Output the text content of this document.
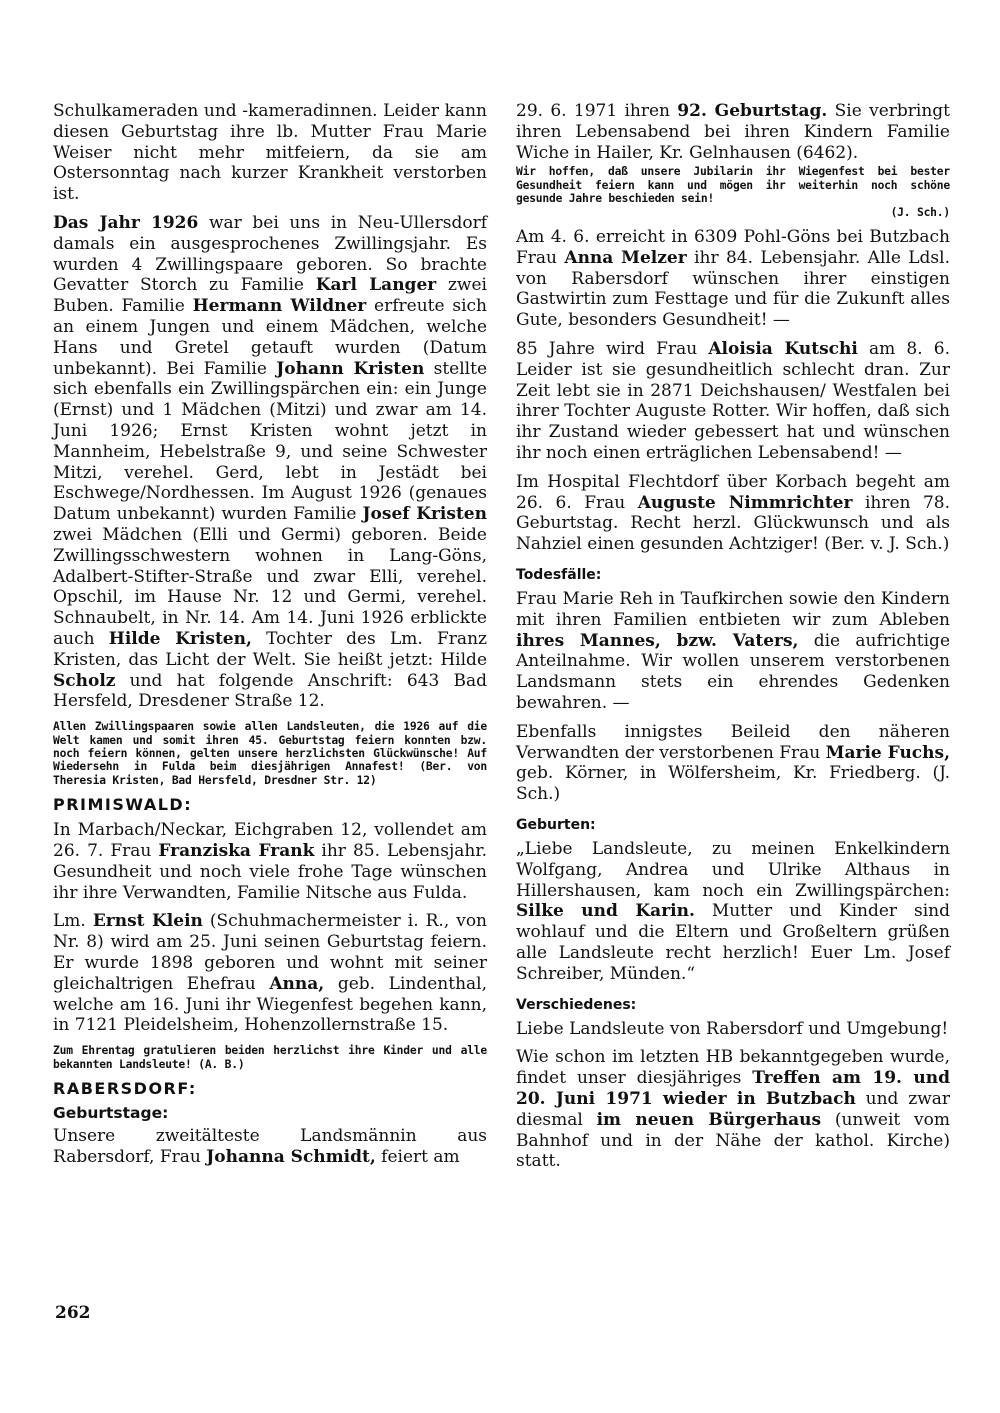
Schulkameraden und -kameradinnen. Leider kann diesen Geburtstag ihre lb. Mutter Frau Marie Weiser nicht mehr mitfeiern, da sie am Ostersonntag nach kurzer Krankheit verstorben ist.

Das Jahr 1926 war bei uns in Neu-Ullersdorf damals ein ausgesprochenes Zwillingsjahr. Es wurden 4 Zwillingspaare geboren. So brachte Gevatter Storch zu Familie Karl Langer zwei Buben. Familie Hermann Wildner erfreute sich an einem Jungen und einem Mädchen, welche Hans und Gretel getauft wurden (Datum unbekannt). Bei Familie Johann Kristen stellte sich ebenfalls ein Zwillingspärchen ein: ein Junge (Ernst) und 1 Mädchen (Mitzi) und zwar am 14. Juni 1926; Ernst Kristen wohnt jetzt in Mannheim, Hebelstraße 9, und seine Schwester Mitzi, verehel. Gerd, lebt in Jestädt bei Eschwege/Nordhessen. Im August 1926 (genaues Datum unbekannt) wurden Familie Josef Kristen zwei Mädchen (Elli und Germi) geboren. Beide Zwillingsschwestern wohnen in Lang-Göns, Adalbert-Stifter-Straße und zwar Elli, verehel. Opschil, im Hause Nr. 12 und Germi, verehel. Schnaubelt, in Nr. 14. Am 14. Juni 1926 erblickte auch Hilde Kristen, Tochter des Lm. Franz Kristen, das Licht der Welt. Sie heißt jetzt: Hilde Scholz und hat folgende Anschrift: 643 Bad Hersfeld, Dresdener Straße 12.

Allen Zwillingspaaren sowie allen Landsleuten, die 1926 auf die Welt kamen und somit ihren 45. Geburtstag feiern konnten bzw. noch feiern können, gelten unsere herzlichsten Glückwünsche! Auf Wiedersehn in Fulda beim diesjährigen Annafest! (Ber. von Theresia Kristen, Bad Hersfeld, Dresdner Str. 12)

PRIMISWALD:

In Marbach/Neckar, Eichgraben 12, vollendet am 26. 7. Frau Franziska Frank ihr 85. Lebensjahr. Gesundheit und noch viele frohe Tage wünschen ihr ihre Verwandten, Familie Nitsche aus Fulda.

Lm. Ernst Klein (Schuhmachermeister i. R., von Nr. 8) wird am 25. Juni seinen Geburtstag feiern. Er wurde 1898 geboren und wohnt mit seiner gleichaltrigen Ehefrau Anna, geb. Lindenthal, welche am 16. Juni ihr Wiegenfest begehen kann, in 7121 Pleidelsheim, Hohenzollernstraße 15.

Zum Ehrentag gratulieren beiden herzlichst ihre Kinder und alle bekannten Landsleute! (A. B.)

RABERSDORF:
Geburtstage:

Unsere zweitälteste Landsmännin aus Rabersdorf, Frau Johanna Schmidt, feiert am

29. 6. 1971 ihren 92. Geburtstag. Sie verbringt ihren Lebensabend bei ihren Kindern Familie Wiche in Hailer, Kr. Gelnhausen (6462).

Wir hoffen, daß unsere Jubilarin ihr Wiegenfest bei bester Gesundheit feiern kann und mögen ihr weiterhin noch schöne gesunde Jahre beschieden sein!

(J. Sch.)

Am 4. 6. erreicht in 6309 Pohl-Göns bei Butzbach Frau Anna Melzer ihr 84. Lebensjahr. Alle Ldsl. von Rabersdorf wünschen ihrer einstigen Gastwirtin zum Festtage und für die Zukunft alles Gute, besonders Gesundheit! —

85 Jahre wird Frau Aloisia Kutschi am 8. 6. Leider ist sie gesundheitlich schlecht dran. Zur Zeit lebt sie in 2871 Deichshausen/ Westfalen bei ihrer Tochter Auguste Rotter. Wir hoffen, daß sich ihr Zustand wieder gebessert hat und wünschen ihr noch einen erträglichen Lebensabend! —

Im Hospital Flechtdorf über Korbach begeht am 26. 6. Frau Auguste Nimmrichter ihren 78. Geburtstag. Recht herzl. Glückwunsch und als Nahziel einen gesunden Achtziger! (Ber. v. J. Sch.)

Todesfälle:

Frau Marie Reh in Taufkirchen sowie den Kindern mit ihren Familien entbieten wir zum Ableben ihres Mannes, bzw. Vaters, die aufrichtige Anteilnahme. Wir wollen unserem verstorbenen Landsmann stets ein ehrendes Gedenken bewahren. —

Ebenfalls innigstes Beileid den näheren Verwandten der verstorbenen Frau Marie Fuchs, geb. Körner, in Wölfersheim, Kr. Friedberg. (J. Sch.)

Geburten:

„Liebe Landsleute, zu meinen Enkelkindern Wolfgang, Andrea und Ulrike Althaus in Hillershausen, kam noch ein Zwillingspärchen: Silke und Karin. Mutter und Kinder sind wohlauf und die Eltern und Großeltern grüßen alle Landsleute recht herzlich! Euer Lm. Josef Schreiber, Münden.“

Verschiedenes:

Liebe Landsleute von Rabersdorf und Umgebung!

Wie schon im letzten HB bekanntgegeben wurde, findet unser diesjähriges Treffen am 19. und 20. Juni 1971 wieder in Butzbach und zwar diesmal im neuen Bürgerhaus (unweit vom Bahnhof und in der Nähe der kathol. Kirche) statt.

262
